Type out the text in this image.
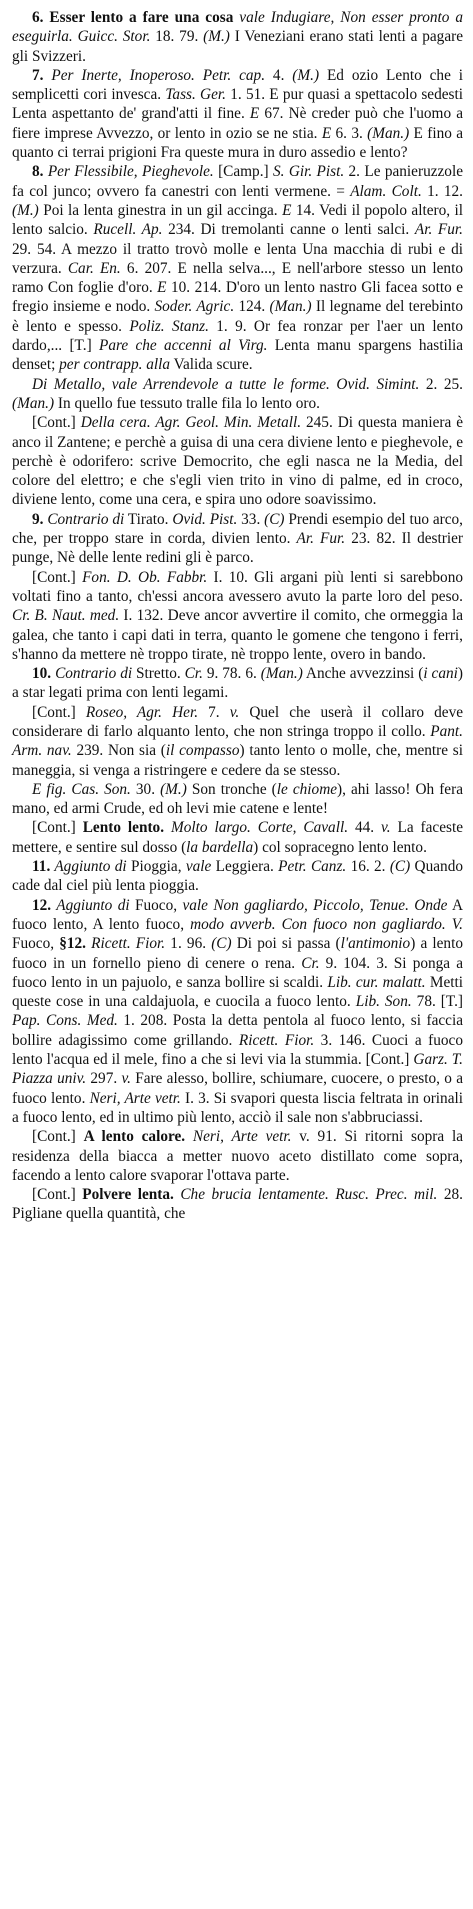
6. Esser lento a fare una cosa vale Indugiare, Non esser pronto a eseguirla. Guicc. Stor. 18. 79. (M.) I Veneziani erano stati lenti a pagare gli Svizzeri.

7. Per Inerte, Inoperoso. Petr. cap. 4. (M.) Ed ozio Lento che i semplicetti cori invesca. Tass. Ger. 1. 51. E pur quasi a spettacolo sedesti Lenta aspettanto de' grand'atti il fine. E 67. Nè creder può che l'uomo a fiere imprese Avvezzo, or lento in ozio se ne stia. E 6. 3. (Man.) E fino a quanto ci terrai prigioni Fra queste mura in duro assedio e lento?

8. Per Flessibile, Pieghevole. [Camp.] S. Gir. Pist. 2. Le panieruzzole fa col junco; ovvero fa canestri con lenti vermene. = Alam. Colt. 1. 12. (M.) Poi la lenta ginestra in un gil accinga. E 14. Vedi il popolo altero, il lento salcio. Rucell. Ap. 234. Di tremolanti canne o lenti salci. Ar. Fur. 29. 54. A mezzo il tratto trovò molle e lenta Una macchia di rubi e di verzura. Car. En. 6. 207. E nella selva..., E nell'arbore stesso un lento ramo Con foglie d'oro. E 10. 214. D'oro un lento nastro Gli facea sotto e fregio insieme e nodo. Soder. Agric. 124. (Man.) Il legname del terebinto è lento e spesso. Poliz. Stanz. 1. 9. Or fea ronzar per l'aer un lento dardo,... [T.] Pare che accenni al Virg. Lenta manu spargens hastilia denset; per contrapp. alla Valida scure.

Di Metallo, vale Arrendevole a tutte le forme. Ovid. Simint. 2. 25. (Man.) In quello fue tessuto tralle fila lo lento oro.

[Cont.] Della cera. Agr. Geol. Min. Metall. 245. Di questa maniera è anco il Zantene; e perchè a guisa di una cera diviene lento e pieghevole, e perchè è odorifero: scrive Democrito, che egli nasca ne la Media, del colore del elettro; e che s'egli vien trito in vino di palme, ed in croco, diviene lento, come una cera, e spira uno odore soavissimo.

9. Contrario di Tirato. Ovid. Pist. 33. (C) Prendi esempio del tuo arco, che, per troppo stare in corda, divien lento. Ar. Fur. 23. 82. Il destrier punge, Nè delle lente redini gli è parco.

[Cont.] Fon. D. Ob. Fabbr. I. 10. Gli argani più lenti si sarebbono voltati fino a tanto, ch'essi ancora avessero avuto la parte loro del peso. Cr. B. Naut. med. I. 132. Deve ancor avvertire il comito, che ormeggia la galea, che tanto i capi dati in terra, quanto le gomene che tengono i ferri, s'hanno da mettere nè troppo tirate, nè troppo lente, overo in bando.

10. Contrario di Stretto. Cr. 9. 78. 6. (Man.) Anche avvezzinsi (i cani) a star legati prima con lenti legami.

[Cont.] Roseo, Agr. Her. 7. v. Quel che userà il collaro deve considerare di farlo alquanto lento, che non stringa troppo il collo. Pant. Arm. nav. 239. Non sia (il compasso) tanto lento o molle, che, mentre si maneggia, si venga a ristringere e cedere da se stesso.

E fig. Cas. Son. 30. (M.) Son tronche (le chiome), ahi lasso! Oh fera mano, ed armi Crude, ed oh levi mie catene e lente!

[Cont.] Lento lento. Molto largo. Corte, Cavall. 44. v. La faceste mettere, e sentire sul dosso (la bardella) col sopracegno lento lento.

11. Aggiunto di Pioggia, vale Leggiera. Petr. Canz. 16. 2. (C) Quando cade dal ciel più lenta pioggia.

12. Aggiunto di Fuoco, vale Non gagliardo, Piccolo, Tenue. Onde A fuoco lento, A lento fuoco, modo avverb. Con fuoco non gagliardo. V. Fuoco, §12. Ricett. Fior. 1. 96. (C) Di poi si passa (l'antimonio) a lento fuoco in un fornello pieno di cenere o rena. Cr. 9. 104. 3. Si ponga a fuoco lento in un pajuolo, e sanza bollire si scaldi. Lib. cur. malatt. Metti queste cose in una caldajuola, e cuocila a fuoco lento. Lib. Son. 78. [T.] Pap. Cons. Med. 1. 208. Posta la detta pentola al fuoco lento, si faccia bollire adagissimo come grillando. Ricett. Fior. 3. 146. Cuoci a fuoco lento l'acqua ed il mele, fino a che si levi via la stummia. [Cont.] Garz. T. Piazza univ. 297. v. Fare alesso, bollire, schiumare, cuocere, o presto, o a fuoco lento. Neri, Arte vetr. I. 3. Si svapori questa liscia feltrata in orinali a fuoco lento, ed in ultimo più lento, acciò il sale non s'abbruciassi.

[Cont.] A lento calore. Neri, Arte vetr. v. 91. Si ritorni sopra la residenza della biacca a metter nuovo aceto distillato come sopra, facendo a lento calore svaporar l'ottava parte.

[Cont.] Polvere lenta. Che brucia lentamente. Rusc. Prec. mil. 28. Pigliane quella quantità, che
